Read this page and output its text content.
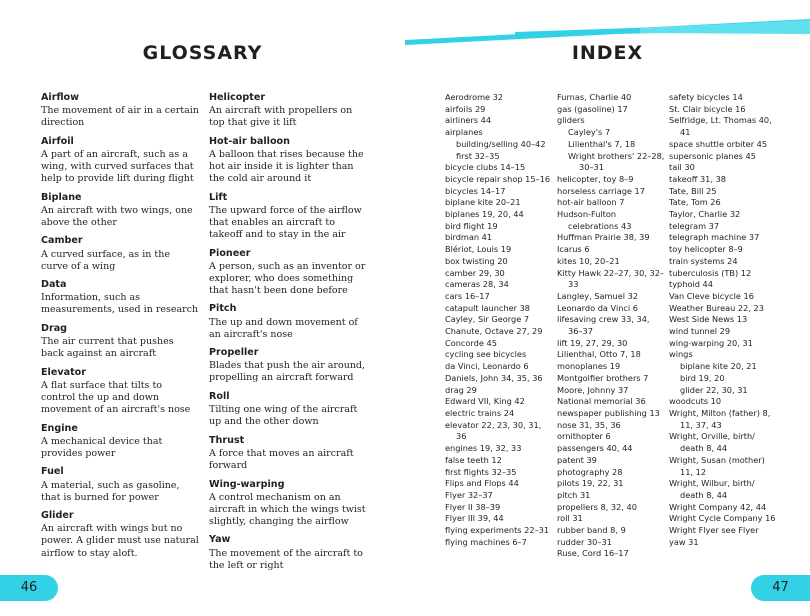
GLOSSARY
Airflow
The movement of air in a certain direction
Airfoil
A part of an aircraft, such as a wing, with curved surfaces that help to provide lift during flight
Biplane
An aircraft with two wings, one above the other
Camber
A curved surface, as in the curve of a wing
Data
Information, such as measurements, used in research
Drag
The air current that pushes back against an aircraft
Elevator
A flat surface that tilts to control the up and down movement of an aircraft's nose
Engine
A mechanical device that provides power
Fuel
A material, such as gasoline, that is burned for power
Glider
An aircraft with wings but no power. A glider must use natural airflow to stay aloft.
Helicopter
An aircraft with propellers on top that give it lift
Hot-air balloon
A balloon that rises because the hot air inside it is lighter than the cold air around it
Lift
The upward force of the airflow that enables an aircraft to takeoff and to stay in the air
Pioneer
A person, such as an inventor or explorer, who does something that hasn't been done before
Pitch
The up and down movement of an aircraft's nose
Propeller
Blades that push the air around, propelling an aircraft forward
Roll
Tilting one wing of the aircraft up and the other down
Thrust
A force that moves an aircraft forward
Wing-warping
A control mechanism on an aircraft in which the wings twist slightly, changing the airflow
Yaw
The movement of the aircraft to the left or right
46
INDEX
Aerodrome 32
airfoils 29
airliners 44
airplanes
building/selling 40–42
first 32–35
bicycle clubs 14–15
bicycle repair shop 15–16
bicycles 14–17
biplane kite 20–21
biplanes 19, 20, 44
bird flight 19
birdman 41
Blériot, Louis 19
box twisting 20
camber 29, 30
cameras 28, 34
cars 16–17
catapult launcher 38
Cayley, Sir George 7
Chanute, Octave 27, 29
Concorde 45
cycling see bicycles
da Vinci, Leonardo 6
Daniels, John 34, 35, 36
drag 29
Edward VII, King 42
electric trains 24
elevator 22, 23, 30, 31, 36
engines 19, 32, 33
false teeth 12
first flights 32–35
Flips and Flops 44
Flyer 32–37
Flyer II 38–39
Flyer III 39, 44
flying experiments 22–31
flying machines 6–7
Furnas, Charlie 40
gas (gasoline) 17
gliders
Cayley's 7
Lilienthal's 7, 18
Wright brothers' 22–28, 30–31
helicopter, toy 8–9
horseless carriage 17
hot-air balloon 7
Hudson-Fulton celebrations 43
Huffman Prairie 38, 39
Icarus 6
kites 10, 20–21
Kitty Hawk 22–27, 30, 32–33
Langley, Samuel 32
Leonardo da Vinci 6
lifesaving crew 33, 34, 36–37
lift 19, 27, 29, 30
Lilienthal, Otto 7, 18
monoplanes 19
Montgolfier brothers 7
Moore, Johnny 37
National memorial 36
newspaper publishing 13
nose 31, 35, 36
ornithopter 6
passengers 40, 44
patent 39
photography 28
pilots 19, 22, 31
pitch 31
propellers 8, 32, 40
roll 31
rubber band 8, 9
rudder 30–31
Ruse, Cord 16–17
safety bicycles 14
St. Clair bicycle 16
Selfridge, Lt. Thomas 40, 41
space shuttle orbiter 45
supersonic planes 45
tail 30
takeoff 31, 38
Tate, Bill 25
Tate, Tom 26
Taylor, Charlie 32
telegram 37
telegraph machine 37
toy helicopter 8–9
train systems 24
tuberculosis (TB) 12
typhoid 44
Van Cleve bicycle 16
Weather Bureau 22, 23
West Side News 13
wind tunnel 29
wing-warping 20, 31
wings
biplane kite 20, 21
bird 19, 20
glider 22, 30, 31
woodcuts 10
Wright, Milton (father) 8, 11, 37, 43
Wright, Orville, birth/ death 8, 44
Wright, Susan (mother) 11, 12
Wright, Wilbur, birth/ death 8, 44
Wright Company 42, 44
Wright Cycle Company 16
Wright Flyer see Flyer
yaw 31
47
